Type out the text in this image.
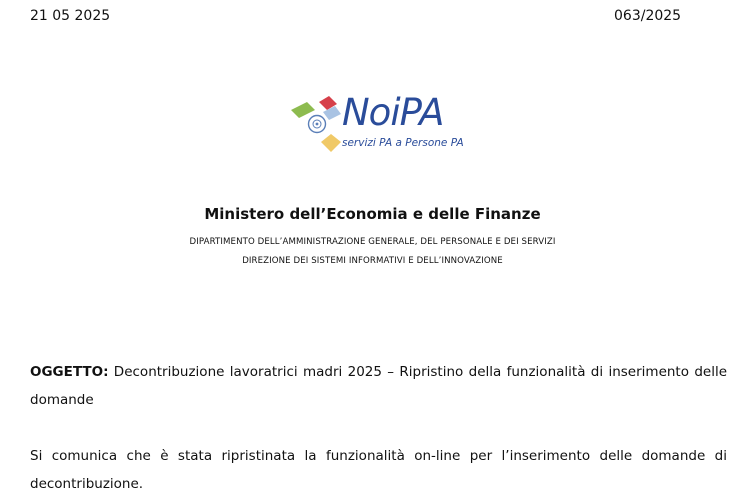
21 05 2025	063/2025
NoiPA
servizi PA a Persone PA
Ministero dell’Economia e delle Finanze
DIPARTIMENTO DELL’AMMINISTRAZIONE GENERALE, DEL PERSONALE E DEI SERVIZI
DIREZIONE DEI SISTEMI INFORMATIVI E DELL’INNOVAZIONE
OGGETTO: Decontribuzione lavoratrici madri 2025 – Ripristino della funzionalità di inserimento delle domande
Si comunica che è stata ripristinata la funzionalità on-line per l’inserimento delle domande di decontribuzione.
